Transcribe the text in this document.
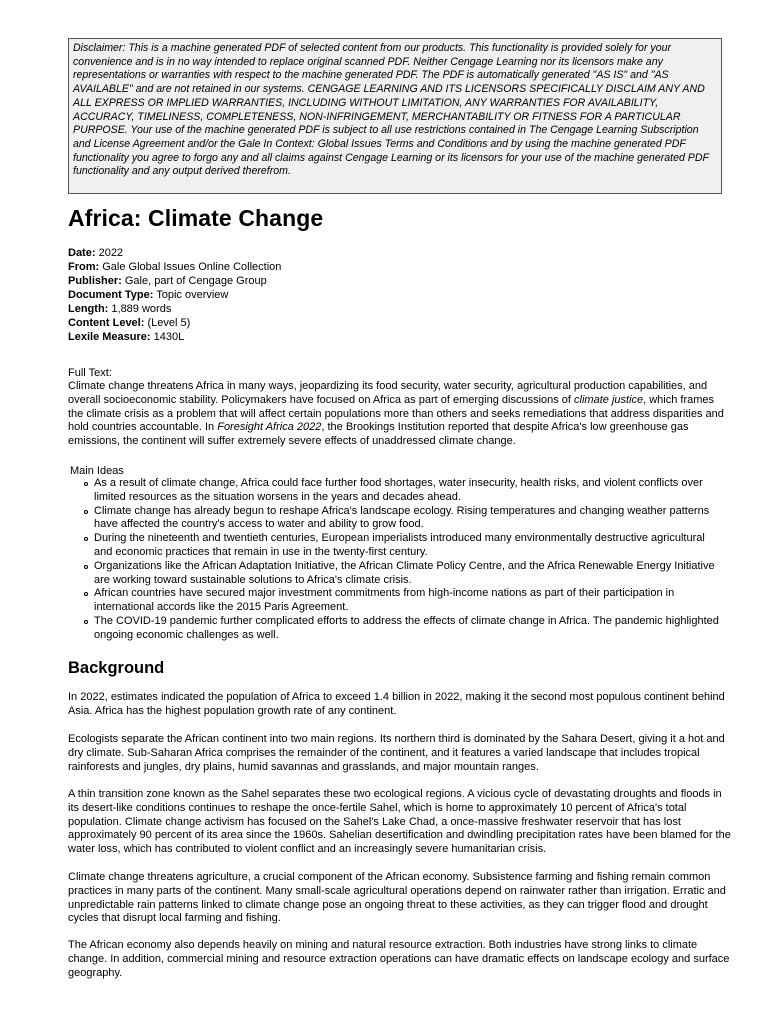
Disclaimer: This is a machine generated PDF of selected content from our products. This functionality is provided solely for your convenience and is in no way intended to replace original scanned PDF. Neither Cengage Learning nor its licensors make any representations or warranties with respect to the machine generated PDF. The PDF is automatically generated "AS IS" and "AS AVAILABLE" and are not retained in our systems. CENGAGE LEARNING AND ITS LICENSORS SPECIFICALLY DISCLAIM ANY AND ALL EXPRESS OR IMPLIED WARRANTIES, INCLUDING WITHOUT LIMITATION, ANY WARRANTIES FOR AVAILABILITY, ACCURACY, TIMELINESS, COMPLETENESS, NON-INFRINGEMENT, MERCHANTABILITY OR FITNESS FOR A PARTICULAR PURPOSE. Your use of the machine generated PDF is subject to all use restrictions contained in The Cengage Learning Subscription and License Agreement and/or the Gale In Context: Global Issues Terms and Conditions and by using the machine generated PDF functionality you agree to forgo any and all claims against Cengage Learning or its licensors for your use of the machine generated PDF functionality and any output derived therefrom.
Africa: Climate Change
Date: 2022
From: Gale Global Issues Online Collection
Publisher: Gale, part of Cengage Group
Document Type: Topic overview
Length: 1,889 words
Content Level: (Level 5)
Lexile Measure: 1430L
Full Text:

Climate change threatens Africa in many ways, jeopardizing its food security, water security, agricultural production capabilities, and overall socioeconomic stability. Policymakers have focused on Africa as part of emerging discussions of climate justice, which frames the climate crisis as a problem that will affect certain populations more than others and seeks remediations that address disparities and hold countries accountable. In Foresight Africa 2022, the Brookings Institution reported that despite Africa's low greenhouse gas emissions, the continent will suffer extremely severe effects of unaddressed climate change.

Main Ideas
As a result of climate change, Africa could face further food shortages, water insecurity, health risks, and violent conflicts over limited resources as the situation worsens in the years and decades ahead.
Climate change has already begun to reshape Africa's landscape ecology. Rising temperatures and changing weather patterns have affected the country's access to water and ability to grow food.
During the nineteenth and twentieth centuries, European imperialists introduced many environmentally destructive agricultural and economic practices that remain in use in the twenty-first century.
Organizations like the African Adaptation Initiative, the African Climate Policy Centre, and the Africa Renewable Energy Initiative are working toward sustainable solutions to Africa's climate crisis.
African countries have secured major investment commitments from high-income nations as part of their participation in international accords like the 2015 Paris Agreement.
The COVID-19 pandemic further complicated efforts to address the effects of climate change in Africa. The pandemic highlighted ongoing economic challenges as well.
Background

In 2022, estimates indicated the population of Africa to exceed 1.4 billion in 2022, making it the second most populous continent behind Asia. Africa has the highest population growth rate of any continent.

Ecologists separate the African continent into two main regions. Its northern third is dominated by the Sahara Desert, giving it a hot and dry climate. Sub-Saharan Africa comprises the remainder of the continent, and it features a varied landscape that includes tropical rainforests and jungles, dry plains, humid savannas and grasslands, and major mountain ranges.

A thin transition zone known as the Sahel separates these two ecological regions. A vicious cycle of devastating droughts and floods in its desert-like conditions continues to reshape the once-fertile Sahel, which is home to approximately 10 percent of Africa's total population. Climate change activism has focused on the Sahel's Lake Chad, a once-massive freshwater reservoir that has lost approximately 90 percent of its area since the 1960s. Sahelian desertification and dwindling precipitation rates have been blamed for the water loss, which has contributed to violent conflict and an increasingly severe humanitarian crisis.

Climate change threatens agriculture, a crucial component of the African economy. Subsistence farming and fishing remain common practices in many parts of the continent. Many small-scale agricultural operations depend on rainwater rather than irrigation. Erratic and unpredictable rain patterns linked to climate change pose an ongoing threat to these activities, as they can trigger flood and drought cycles that disrupt local farming and fishing.

The African economy also depends heavily on mining and natural resource extraction. Both industries have strong links to climate change. In addition, commercial mining and resource extraction operations can have dramatic effects on landscape ecology and surface geography.
